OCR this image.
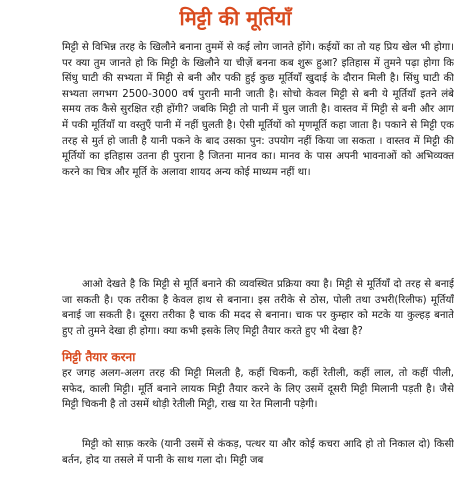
मिट्टी की मूर्तियाँ

मिट्टी से विभिन्न तरह के खिलौने बनाना तुममें से कई लोग जानते होंगे। कईयों का तो यह प्रिय खेल भी होगा। पर क्या तुम जानते हो कि मिट्टी के खिलौने या चीज़ें बनना कब शुरू हुआ? इतिहास में तुमने पढ़ा होगा कि सिंधु घाटी की सभ्यता में मिट्टी से बनी और पकी हुई कुछ मूर्तियाँ खुदाई के दौरान मिली है। सिंधु घाटी की सभ्यता लगभग 2500-3000 वर्ष पुरानी मानी जाती है। सोचो केवल मिट्टी से बनी ये मूर्तियाँ इतने लंबे समय तक कैसे सुरक्षित रही होंगी? जबकि मिट्टी तो पानी में घुल जाती है। वास्तव में मिट्टी से बनी और आग में पकी मूर्तियाँ या वस्तुएँ पानी में नहीं घुलती है। ऐसी मूर्तियों को मृणमूर्ति कहा जाता है। पकाने से मिट्टी एक तरह से मुर्त हो जाती है यानी पकने के बाद उसका पुन: उपयोग नहीं किया जा सकता । वास्तव में मिट्टी की मूर्तियों का इतिहास उतना ही पुराना है जितना मानव का। मानव के पास अपनी भावनाओं को अभिव्यक्त करने का चित्र और मूर्ति के अलावा शायद अन्य कोई माध्यम नहीं था।

आओ देखते है कि मिट्टी से मूर्ति बनाने की व्यवस्थित प्रक्रिया क्या है। मिट्टी से मूर्तियाँ दो तरह से बनाई जा सकती है। एक तरीका है केवल हाथ से बनाना। इस तरीके से ठोस, पोली तथा उभरी(रिलीफ) मूर्तियाँ बनाई जा सकती है। दूसरा तरीका है चाक की मदद से बनाना। चाक पर कुम्हार को मटके या कुल्हड़ बनाते हुए तो तुमने देखा ही होगा। क्या कभी इसके लिए मिट्टी तैयार करते हुए भी देखा है?

मिट्टी तैयार करना

हर जगह अलग-अलग तरह की मिट्टी मिलती है, कहीं चिकनी, कहीं रेतीली, कहीं लाल, तो कहीं पीली, सफेद, काली मिट्टी। मूर्ति बनाने लायक मिट्टी तैयार करने के लिए उसमें दूसरी मिट्टी मिलानी पड़ती है। जैसे मिट्टी चिकनी है तो उसमें थोड़ी रेतीली मिट्टी, राख या रेत मिलानी पड़ेगी।

मिट्टी को साफ़ करके (यानी उसमें से कंकड़, पत्थर या और कोई कचरा आदि हो तो निकाल दो) किसी बर्तन, होद या तसले में पानी के साथ गला दो। मिट्टी जब
